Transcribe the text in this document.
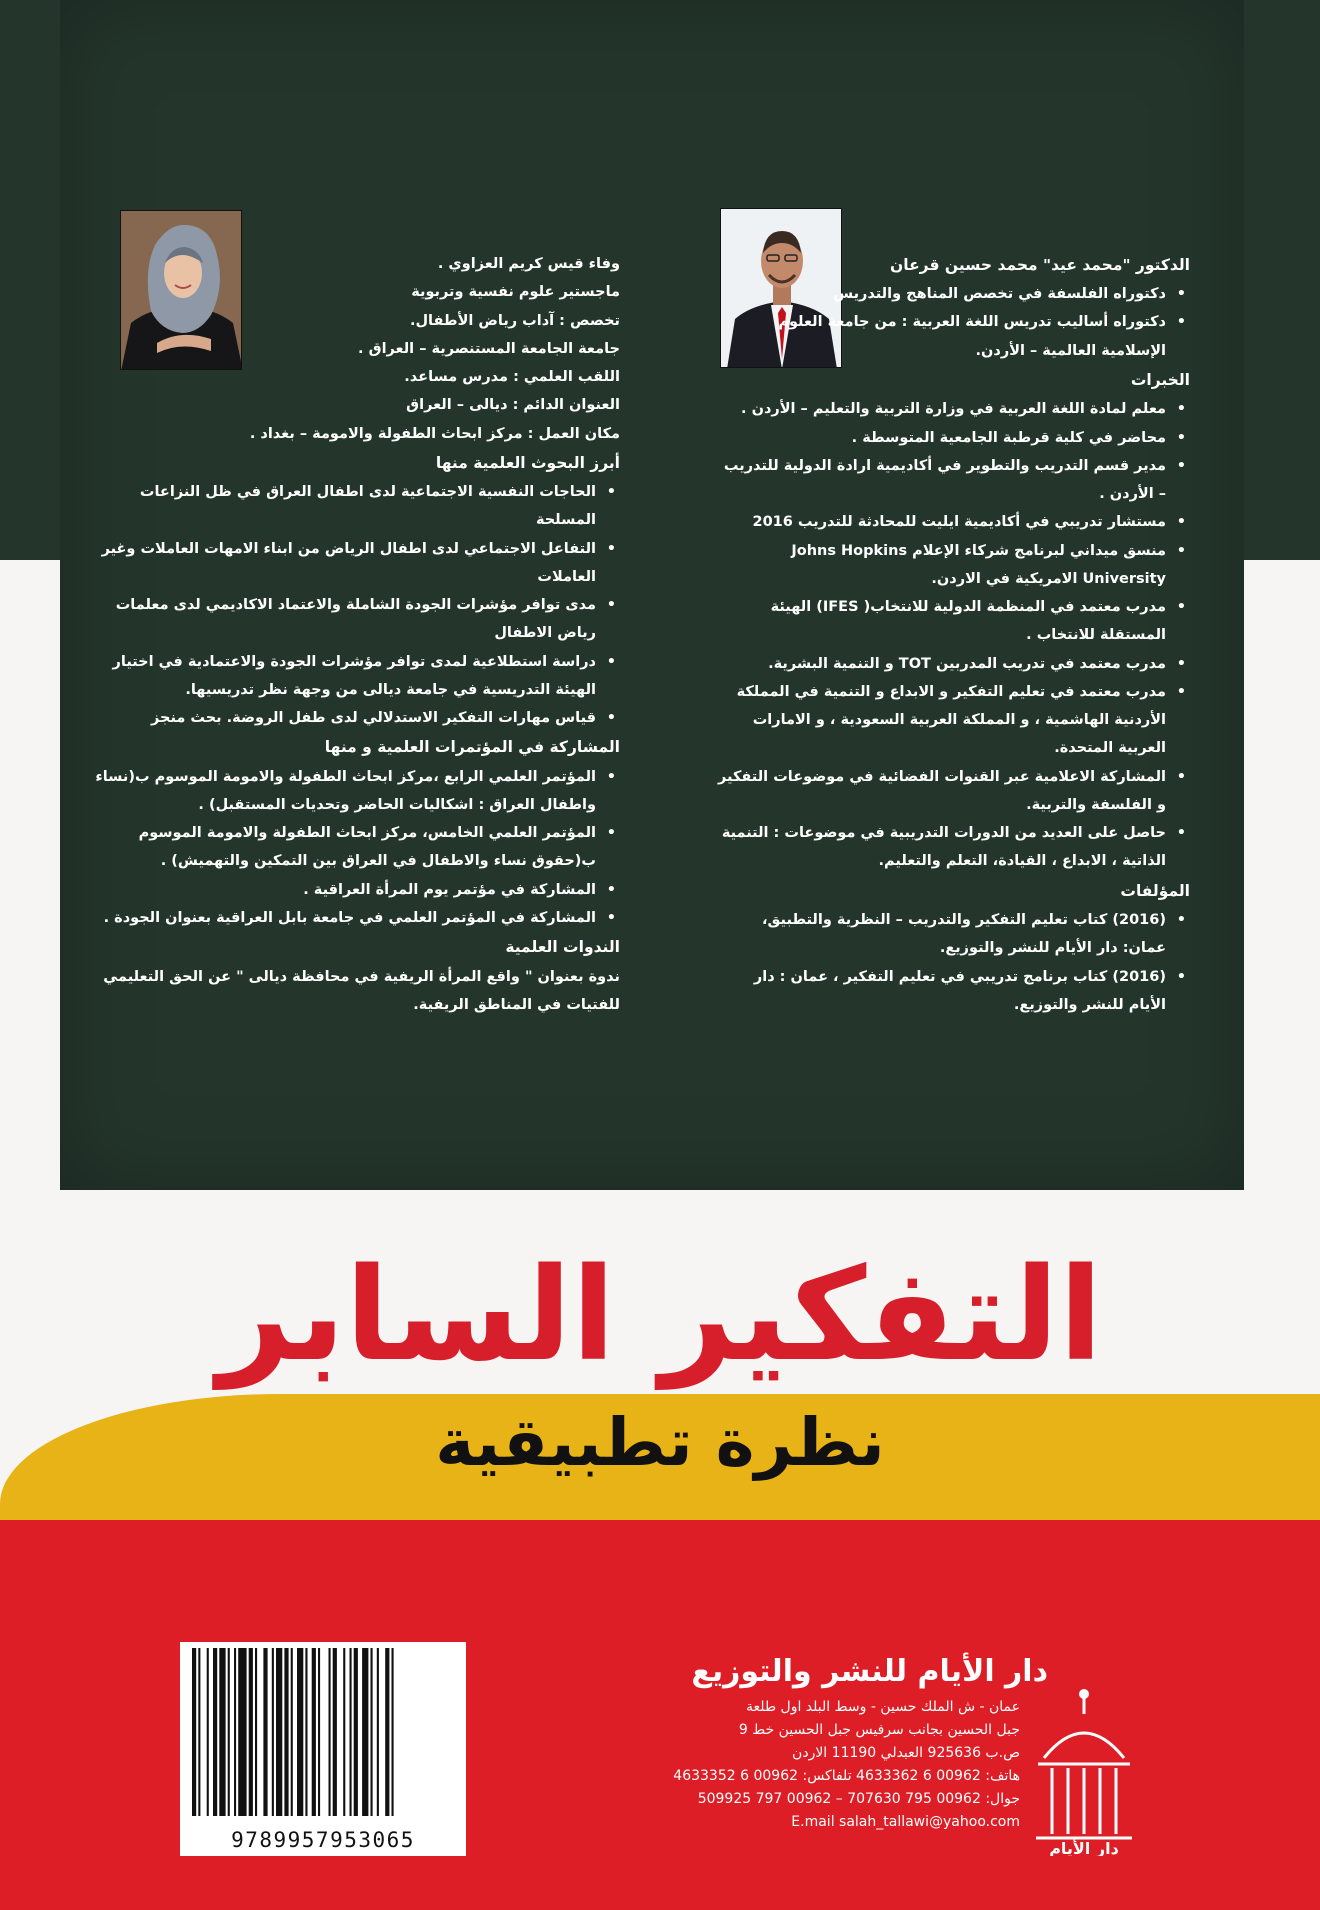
الدكتور "محمد عيد" محمد حسين قرعان

• دكتوراه الفلسفة في تخصص المناهج والتدريس
• دكتوراه أساليب تدريس اللغة العربية : من جامعة العلوم الإسلامية العالمية – الأردن.

الخبرات

• معلم لمادة اللغة العربية في وزارة التربية والتعليم – الأردن .
• محاضر في كلية قرطبة الجامعية المتوسطة .
• مدير قسم التدريب والتطوير في أكاديمية ارادة الدولية للتدريب – الأردن .
• مستشار تدريبي في أكاديمية ايليت للمحادثة للتدريب 2016
• منسق ميداني لبرنامج شركاء الإعلام Johns Hopkins University الامريكية في الاردن.
• مدرب معتمد في المنظمة الدولية للانتخاب( IFES) الهيئة المستقلة للانتخاب .
• مدرب معتمد في تدريب المدربين TOT و التنمية البشرية.
• مدرب معتمد في تعليم التفكير و الابداع و التنمية في المملكة الأردنية الهاشمية ، و المملكة العربية السعودية ، و الامارات العربية المتحدة.
• المشاركة الاعلامية عبر القنوات الفضائية في موضوعات التفكير و الفلسفة والتربية.
• حاصل على العديد من الدورات التدريبية في موضوعات : التنمية الذاتية ، الابداع ، القيادة، التعلم والتعليم.

المؤلفات

• (2016) كتاب تعليم التفكير والتدريب – النظرية والتطبيق، عمان: دار الأيام للنشر والتوزيع.
• (2016) كتاب برنامج تدريبي في تعليم التفكير ، عمان : دار الأيام للنشر والتوزيع.

وفاء قيس كريم العزاوي .

ماجستير علوم نفسية وتربوية

تخصص : آداب رياض الأطفال.

جامعة الجامعة المستنصرية – العراق .

اللقب العلمي : مدرس مساعد.

العنوان الدائم : ديالى – العراق

مكان العمل : مركز ابحاث الطفولة والامومة – بغداد .

أبرز البحوث العلمية منها

• الحاجات النفسية الاجتماعية لدى اطفال العراق في ظل النزاعات المسلحة
• التفاعل الاجتماعي لدى اطفال الرياض من ابناء الامهات العاملات وغير العاملات
• مدى توافر مؤشرات الجودة الشاملة والاعتماد الاكاديمي لدى معلمات رياض الاطفال
• دراسة استطلاعية لمدى توافر مؤشرات الجودة والاعتمادية في اختيار الهيئة التدريسية في جامعة ديالى من وجهة نظر تدريسيها.
• قياس مهارات التفكير الاستدلالي لدى طفل الروضة. بحث منجز

المشاركة في المؤتمرات العلمية و منها

• المؤتمر العلمي الرابع ،مركز ابحاث الطفولة والامومة الموسوم ب(نساء واطفال العراق : اشكاليات الحاضر وتحديات المستقبل) .
• المؤتمر العلمي الخامس، مركز ابحاث الطفولة والامومة الموسوم ب(حقوق نساء والاطفال في العراق بين التمكين والتهميش) .
• المشاركة في مؤتمر يوم المرأة العراقية .
• المشاركة في المؤتمر العلمي في جامعة بابل العراقية بعنوان الجودة .

الندوات العلمية

ندوة بعنوان " واقع المرأة الريفية في محافظة ديالى " عن الحق التعليمي للفتيات في المناطق الريفية.

التفكير السابر
نظرة تطبيقية
9789957953065
دار الأيام للنشر والتوزيع
عمان - ش الملك حسين - وسط البلد اول طلعة
جبل الحسين بجانب سرفيس جبل الحسين خط 9
ص.ب 925636 العبدلي 11190 الاردن
هاتف: 00962 6 4633362 تلفاكس: 00962 6 4633352
جوال: 00962 795 707630 – 00962 797 509925
E.mail salah_tallawi@yahoo.com
دار الأيام
